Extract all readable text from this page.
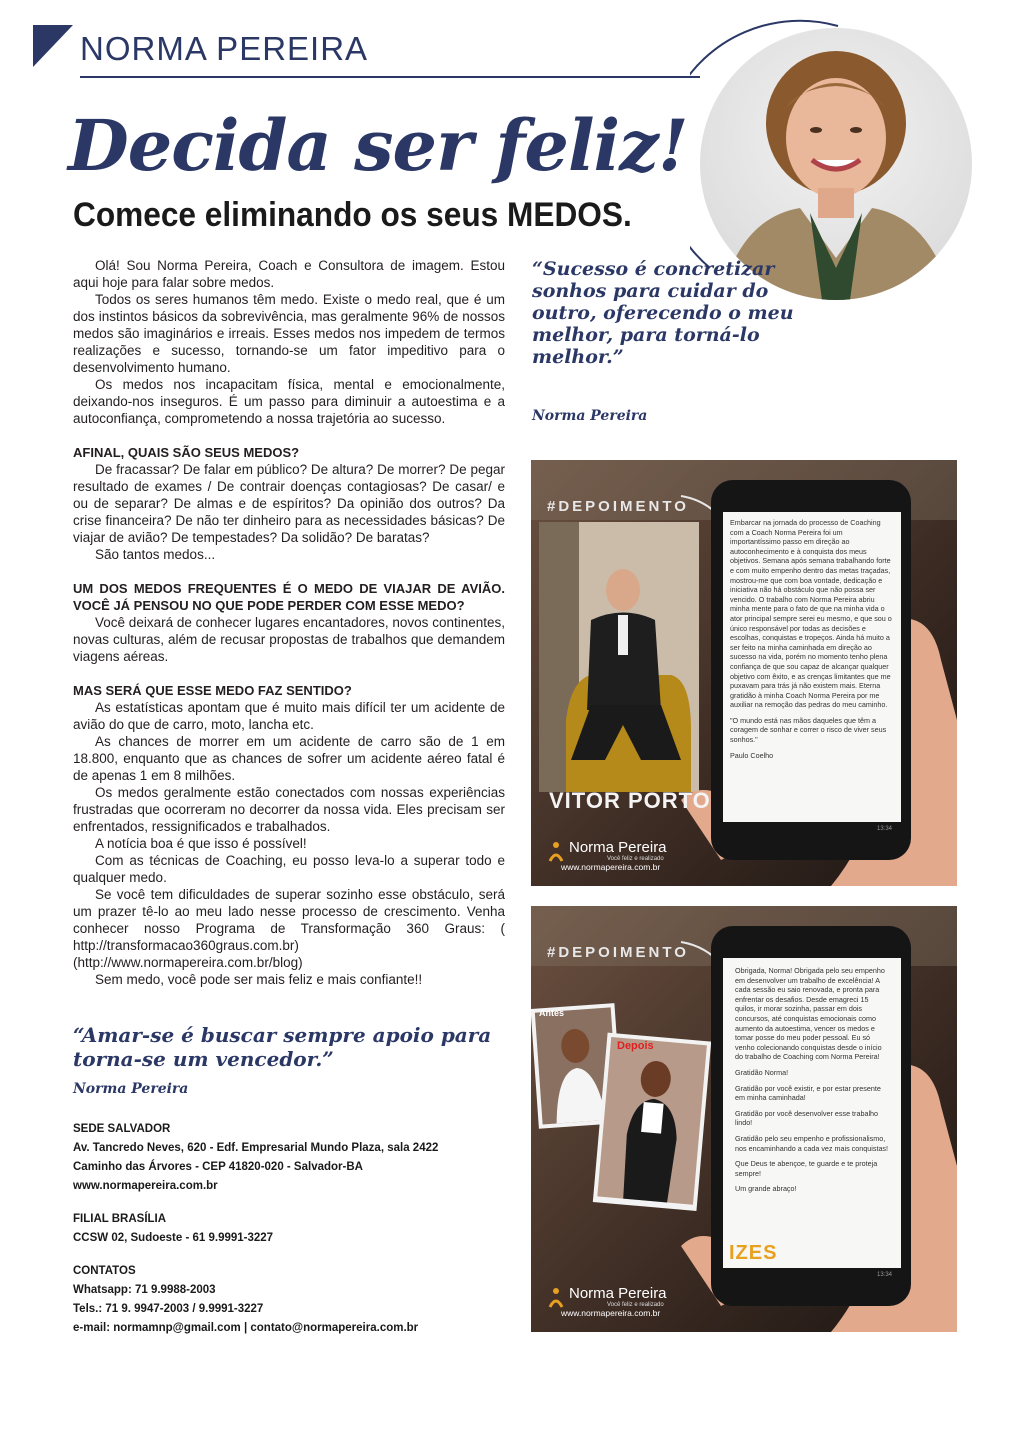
NORMA PEREIRA
Decida ser feliz!
Comece eliminando os seus MEDOS.

Olá! Sou Norma Pereira, Coach e Consultora de imagem. Estou aqui hoje para falar sobre medos.

Todos os seres humanos têm medo. Existe o medo real, que é um dos instintos básicos da sobrevivência, mas geralmente 96% de nossos medos são imaginários e irreais. Esses medos nos impedem de termos realizações e sucesso, tornando-se um fator impeditivo para o desenvolvimento humano.

Os medos nos incapacitam física, mental e emocionalmente, deixando-nos inseguros. É um passo para diminuir a autoestima e a autoconfiança, comprometendo a nossa trajetória ao sucesso.

AFINAL, QUAIS SÃO SEUS MEDOS?

De fracassar? De falar em público? De altura? De morrer? De pegar resultado de exames / De contrair doenças contagiosas? De casar/ e ou de separar? De almas e de espíritos? Da opinião dos outros? Da crise financeira? De não ter dinheiro para as necessidades básicas? De viajar de avião? De tempestades? Da solidão? De baratas?

São tantos medos...

UM DOS MEDOS FREQUENTES É O MEDO DE VIAJAR DE AVIÃO. VOCÊ JÁ PENSOU NO QUE PODE PERDER COM ESSE MEDO?

Você deixará de conhecer lugares encantadores, novos continentes, novas culturas, além de recusar propostas de trabalhos que demandem viagens aéreas.

MAS SERÁ QUE ESSE MEDO FAZ SENTIDO?

As estatísticas apontam que é muito mais difícil ter um acidente de avião do que de carro, moto, lancha etc.

As chances de morrer em um acidente de carro são de 1 em 18.800, enquanto que as chances de sofrer um acidente aéreo fatal é de apenas 1 em 8 milhões.

Os medos geralmente estão conectados com nossas experiências frustradas que ocorreram no decorrer da nossa vida. Eles precisam ser enfrentados, ressignificados e trabalhados.

A notícia boa é que isso é possível!

Com as técnicas de Coaching, eu posso leva-lo a superar todo e qualquer medo.

Se você tem dificuldades de superar sozinho esse obstáculo, será um prazer tê-lo ao meu lado nesse processo de crescimento. Venha conhecer nosso Programa de Transformação 360 Graus: ( http://transformacao360graus.com.br) (http://www.normapereira.com.br/blog)

Sem medo, você pode ser mais feliz e mais confiante!!

“Sucesso é concretizar sonhos para cuidar do outro, oferecendo o meu melhor, para torná-lo melhor.”
Norma Pereira
“Amar-se é buscar sempre apoio para torna-se um vencedor.”
Norma Pereira
SEDE SALVADOR
Av. Tancredo Neves, 620 - Edf. Empresarial Mundo Plaza, sala 2422
Caminho das Árvores - CEP 41820-020 - Salvador-BA
www.normapereira.com.br
FILIAL BRASÍLIA
CCSW 02, Sudoeste - 61 9.9991-3227
CONTATOS
Whatsapp: 71 9.9988-2003
Tels.: 71 9. 9947-2003 / 9.9991-3227
e-mail: normamnp@gmail.com | contato@normapereira.com.br

Embarcar na jornada do processo de Coaching com a Coach Norma Pereira foi um importantíssimo passo em direção ao autoconhecimento e à conquista dos meus objetivos. Semana após semana trabalhando forte e com muito empenho dentro das metas traçadas, mostrou-me que com boa vontade, dedicação e iniciativa não há obstáculo que não possa ser vencido. O trabalho com Norma Pereira abriu minha mente para o fato de que na minha vida o ator principal sempre serei eu mesmo, e que sou o único responsável por todas as decisões e escolhas, conquistas e tropeços. Ainda há muito a ser feito na minha caminhada em direção ao sucesso na vida, porém no momento tenho plena confiança de que sou capaz de alcançar qualquer objetivo com êxito, e as crenças limitantes que me puxavam para trás já não existem mais. Eterna gratidão à minha Coach Norma Pereira por me auxiliar na remoção das pedras do meu caminho.

"O mundo está nas mãos daqueles que têm a coragem de sonhar e correr o risco de viver seus sonhos."

Paulo Coelho

13:34
#DEPOIMENTO
VITOR PORTO
Norma Pereira
Você feliz e realizado
www.normapereira.com.br

Obrigada, Norma! Obrigada pelo seu empenho em desenvolver um trabalho de excelência! A cada sessão eu saio renovada, e pronta para enfrentar os desafios. Desde emagreci 15 quilos, ir morar sozinha, passar em dois concursos, até conquistas emocionais como aumento da autoestima, vencer os medos e tomar posse do meu poder pessoal. Eu só venho colecionando conquistas desde o início do trabalho de Coaching com Norma Pereira!

Gratidão Norma!

Gratidão por você existir, e por estar presente em minha caminhada!

Gratidão por você desenvolver esse trabalho lindo!

Gratidão pelo seu empenho e profissionalismo, nos encaminhando a cada vez mais conquistas!

Que Deus te abençoe, te guarde e te proteja sempre!

Um grande abraço!

13:34
#DEPOIMENTO
Antes
Depois
IZES
Norma Pereira
Você feliz e realizado
www.normapereira.com.br
